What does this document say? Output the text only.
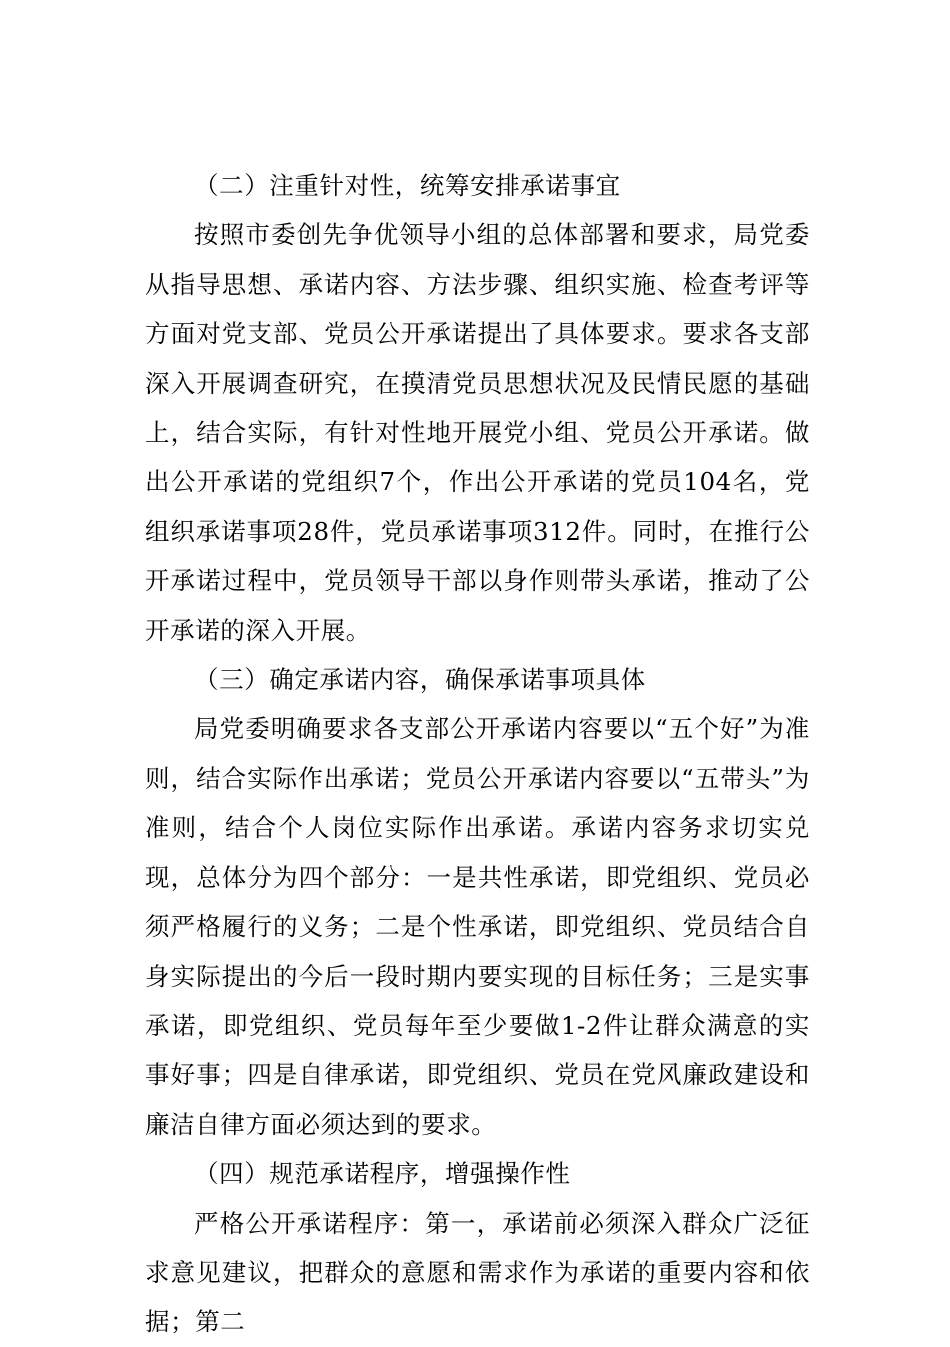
（二）注重针对性，统筹安排承诺事宜

按照市委创先争优领导小组的总体部署和要求，局党委从指导思想、承诺内容、方法步骤、组织实施、检查考评等方面对党支部、党员公开承诺提出了具体要求。要求各支部深入开展调查研究，在摸清党员思想状况及民情民愿的基础上，结合实际，有针对性地开展党小组、党员公开承诺。做出公开承诺的党组织7个，作出公开承诺的党员104名，党组织承诺事项28件，党员承诺事项312件。同时，在推行公开承诺过程中，党员领导干部以身作则带头承诺，推动了公开承诺的深入开展。

（三）确定承诺内容，确保承诺事项具体

局党委明确要求各支部公开承诺内容要以“五个好”为准则，结合实际作出承诺；党员公开承诺内容要以“五带头”为准则，结合个人岗位实际作出承诺。承诺内容务求切实兑现，总体分为四个部分：一是共性承诺，即党组织、党员必须严格履行的义务；二是个性承诺，即党组织、党员结合自身实际提出的今后一段时期内要实现的目标任务；三是实事承诺，即党组织、党员每年至少要做1-2件让群众满意的实事好事；四是自律承诺，即党组织、党员在党风廉政建设和廉洁自律方面必须达到的要求。

（四）规范承诺程序，增强操作性

严格公开承诺程序：第一，承诺前必须深入群众广泛征求意见建议，把群众的意愿和需求作为承诺的重要内容和依据；第二
